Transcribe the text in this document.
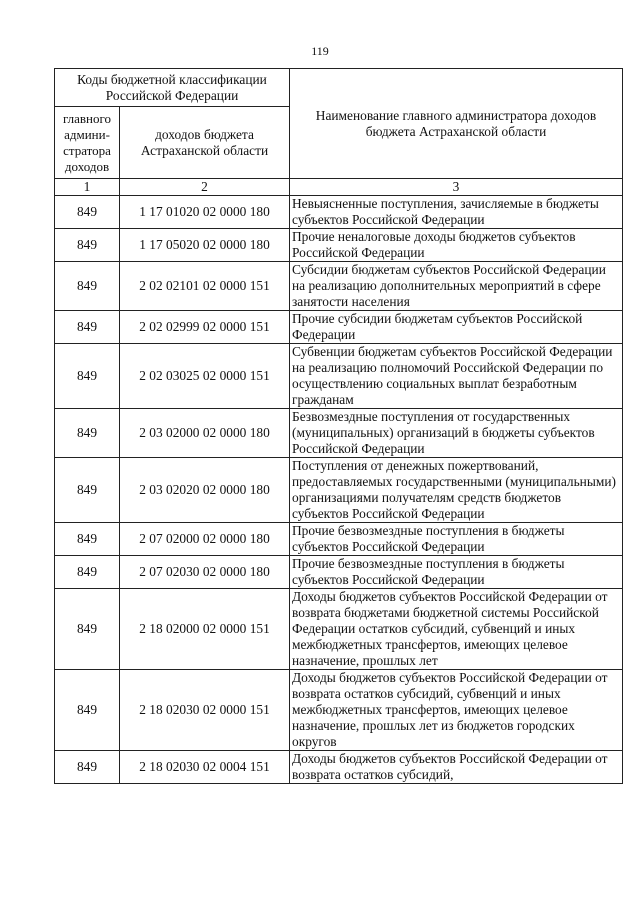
119
Коды бюджетной классификации Российской Федерации		Наименование главного администратора доходов бюджета Астраханской области
главного админи-стратора доходов	доходов бюджета Астраханской области	
1	2	3
849	1 17 01020 02 0000 180	Невыясненные поступления, зачисляемые в бюджеты субъектов Российской Федерации
849	1 17 05020 02 0000 180	Прочие неналоговые доходы бюджетов субъектов Российской Федерации
849	2 02 02101 02 0000 151	Субсидии бюджетам субъектов Российской Федерации на реализацию дополнительных мероприятий в сфере занятости населения
849	2 02 02999 02 0000 151	Прочие субсидии бюджетам субъектов Российской Федерации
849	2 02 03025 02 0000 151	Субвенции бюджетам субъектов Российской Федерации на реализацию полномочий Российской Федерации по осуществлению социальных выплат безработным гражданам
849	2 03 02000 02 0000 180	Безвозмездные поступления от государственных (муниципальных) организаций в бюджеты субъектов Российской Федерации
849	2 03 02020 02 0000 180	Поступления от денежных пожертвований, предоставляемых государственными (муниципальными) организациями получателям средств бюджетов субъектов Российской Федерации
849	2 07 02000 02 0000 180	Прочие безвозмездные поступления в бюджеты субъектов Российской Федерации
849	2 07 02030 02 0000 180	Прочие безвозмездные поступления в бюджеты субъектов Российской Федерации
849	2 18 02000 02 0000 151	Доходы бюджетов субъектов Российской Федерации от возврата бюджетами бюджетной системы Российской Федерации остатков субсидий, субвенций и иных межбюджетных трансфертов, имеющих целевое назначение, прошлых лет
849	2 18 02030 02 0000 151	Доходы бюджетов субъектов Российской Федерации от возврата остатков субсидий, субвенций и иных межбюджетных трансфертов, имеющих целевое назначение, прошлых лет из бюджетов городских округов
849	2 18 02030 02 0004 151	Доходы бюджетов субъектов Российской Федерации от возврата остатков субсидий,
